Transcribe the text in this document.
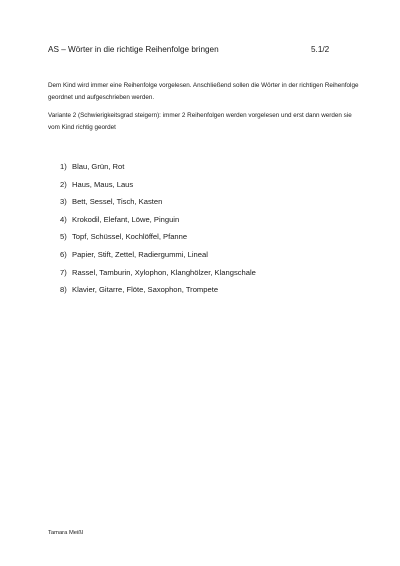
AS – Wörter in die richtige Reihenfolge bringen	5.1/2
Dem Kind wird immer eine Reihenfolge vorgelesen. Anschließend sollen die Wörter in der richtigen Reihenfolge geordnet und aufgeschrieben werden.
Variante 2 (Schwierigkeitsgrad steigern): immer 2 Reihenfolgen werden vorgelesen und erst dann werden sie vom Kind richtig geordet
1) Blau, Grün, Rot
2) Haus, Maus, Laus
3) Bett, Sessel, Tisch, Kasten
4) Krokodil, Elefant, Löwe, Pinguin
5) Topf, Schüssel, Kochlöffel, Pfanne
6) Papier, Stift, Zettel, Radiergummi, Lineal
7) Rassel, Tamburin, Xylophon, Klanghölzer, Klangschale
8) Klavier, Gitarre, Flöte, Saxophon, Trompete
Tamara Meißl
